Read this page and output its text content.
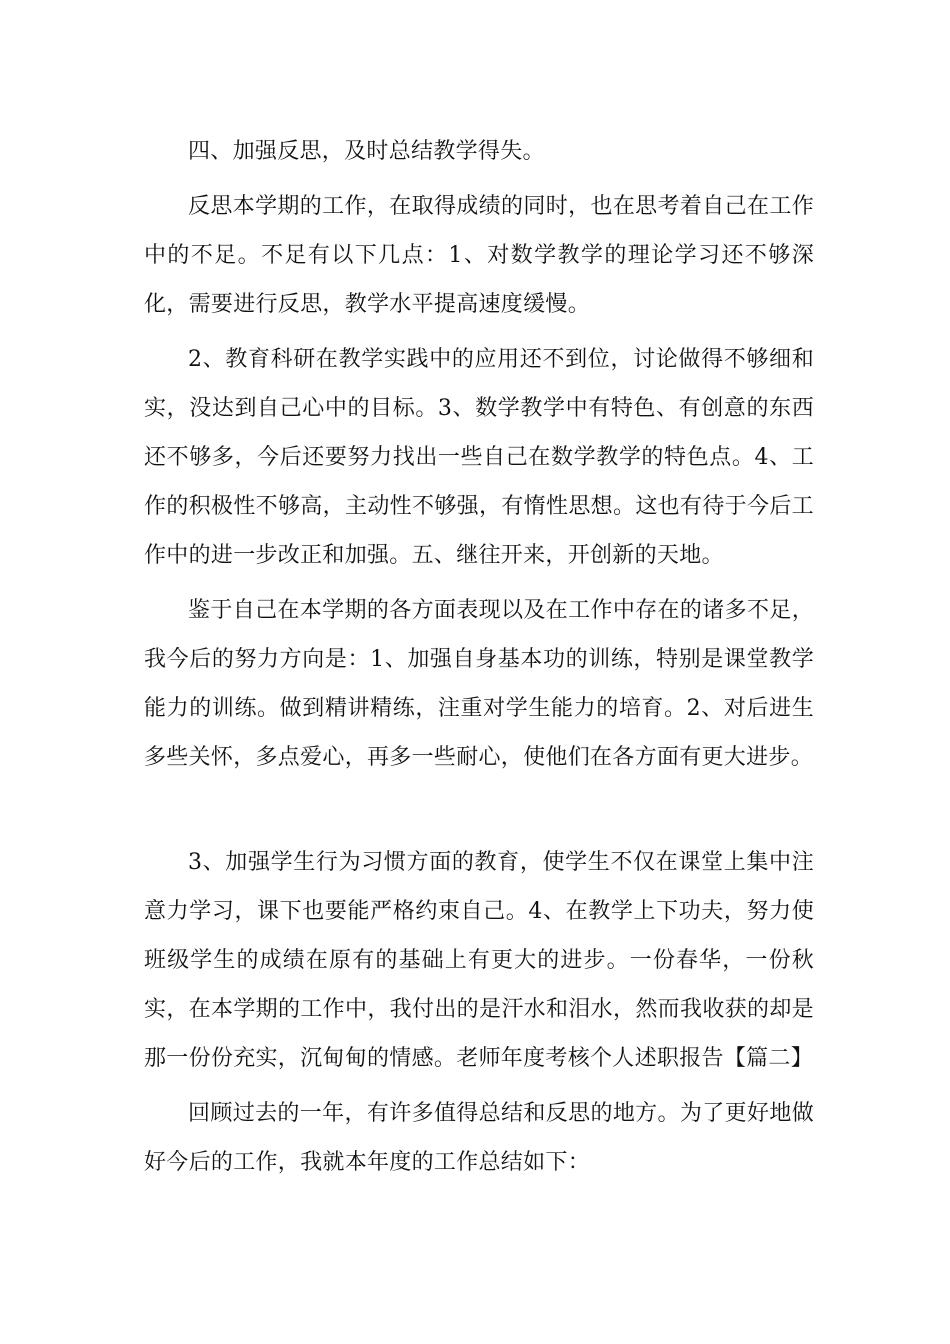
四、加强反思，及时总结教学得失。

反思本学期的工作，在取得成绩的同时，也在思考着自己在工作中的不足。不足有以下几点：1、对数学教学的理论学习还不够深化，需要进行反思，教学水平提高速度缓慢。

2、教育科研在教学实践中的应用还不到位，讨论做得不够细和实，没达到自己心中的目标。3、数学教学中有特色、有创意的东西还不够多，今后还要努力找出一些自己在数学教学的特色点。4、工作的积极性不够高，主动性不够强，有惰性思想。这也有待于今后工作中的进一步改正和加强。五、继往开来，开创新的天地。

鉴于自己在本学期的各方面表现以及在工作中存在的诸多不足，我今后的努力方向是：1、加强自身基本功的训练，特别是课堂教学能力的训练。做到精讲精练，注重对学生能力的培育。2、对后进生多些关怀，多点爱心，再多一些耐心，使他们在各方面有更大进步。

3、加强学生行为习惯方面的教育，使学生不仅在课堂上集中注意力学习，课下也要能严格约束自己。4、在教学上下功夫，努力使班级学生的成绩在原有的基础上有更大的进步。一份春华，一份秋实，在本学期的工作中，我付出的是汗水和泪水，然而我收获的却是那一份份充实，沉甸甸的情感。老师年度考核个人述职报告【篇二】

回顾过去的一年，有许多值得总结和反思的地方。为了更好地做好今后的工作，我就本年度的工作总结如下：
